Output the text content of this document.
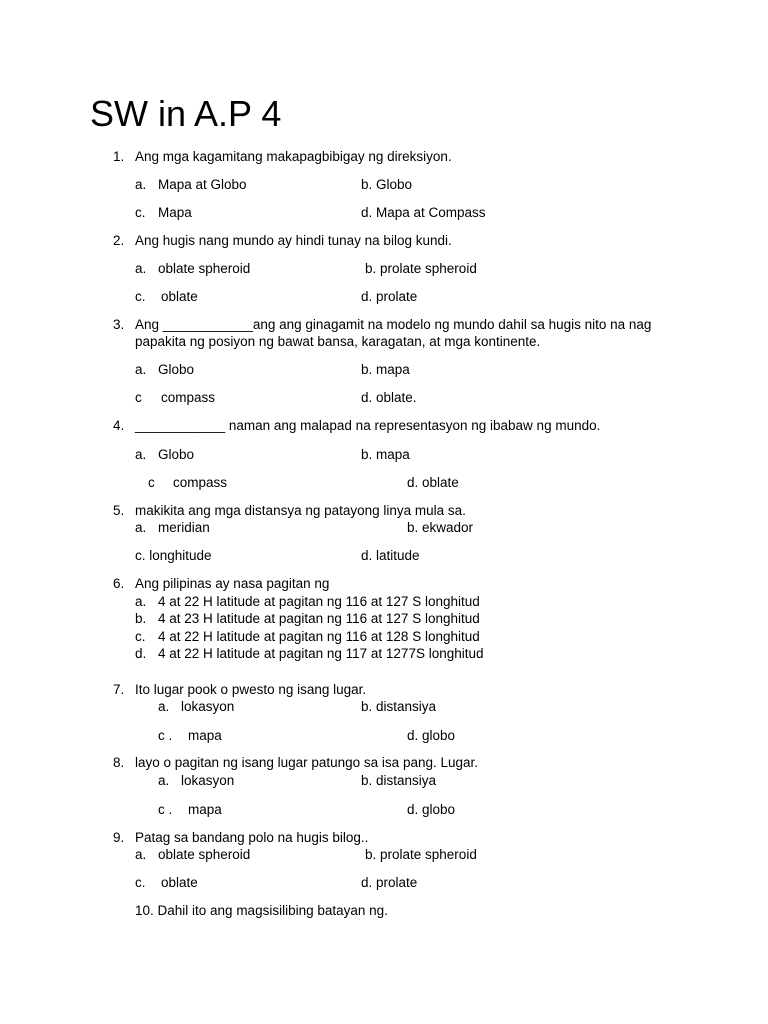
SW in A.P 4
1. Ang mga kagamitang makapagbibigay ng direksiyon.
a. Mapa at Globo	b. Globo
c. Mapa	d. Mapa at Compass
2. Ang hugis nang mundo ay hindi tunay na bilog kundi.
a. oblate spheroid	b. prolate spheroid
c. oblate	d. prolate
3. Ang ____________ang ang ginagamit na modelo ng mundo dahil sa hugis nito na nag
papakita ng posiyon ng bawat bansa, karagatan, at mga kontinente.
a. Globo	b. mapa
c compass	d. oblate.
4. ____________ naman ang malapad na representasyon ng ibabaw ng mundo.
a. Globo	b. mapa
c compass	d. oblate
5. makikita ang mga distansya ng patayong linya mula sa.
a. meridian	b. ekwador
c. longhitude	d. latitude
6. Ang pilipinas ay nasa pagitan ng
a. 4 at 22 H latitude at pagitan ng 116 at 127 S longhitud
b. 4 at 23 H latitude at pagitan ng 116 at 127 S longhitud
c. 4 at 22 H latitude at pagitan ng 116 at 128 S longhitud
d. 4 at 22 H latitude at pagitan ng 117 at 1277S longhitud
7. Ito lugar pook o pwesto ng isang lugar.
a. lokasyon	b. distansiya
c . mapa	d. globo
8. layo o pagitan ng isang lugar patungo sa isa pang. Lugar.
a. lokasyon	b. distansiya
c . mapa	d. globo
9. Patag sa bandang polo na hugis bilog..
a. oblate spheroid	b. prolate spheroid
c. oblate	d. prolate
10. Dahil ito ang magsisilibing batayan ng.
